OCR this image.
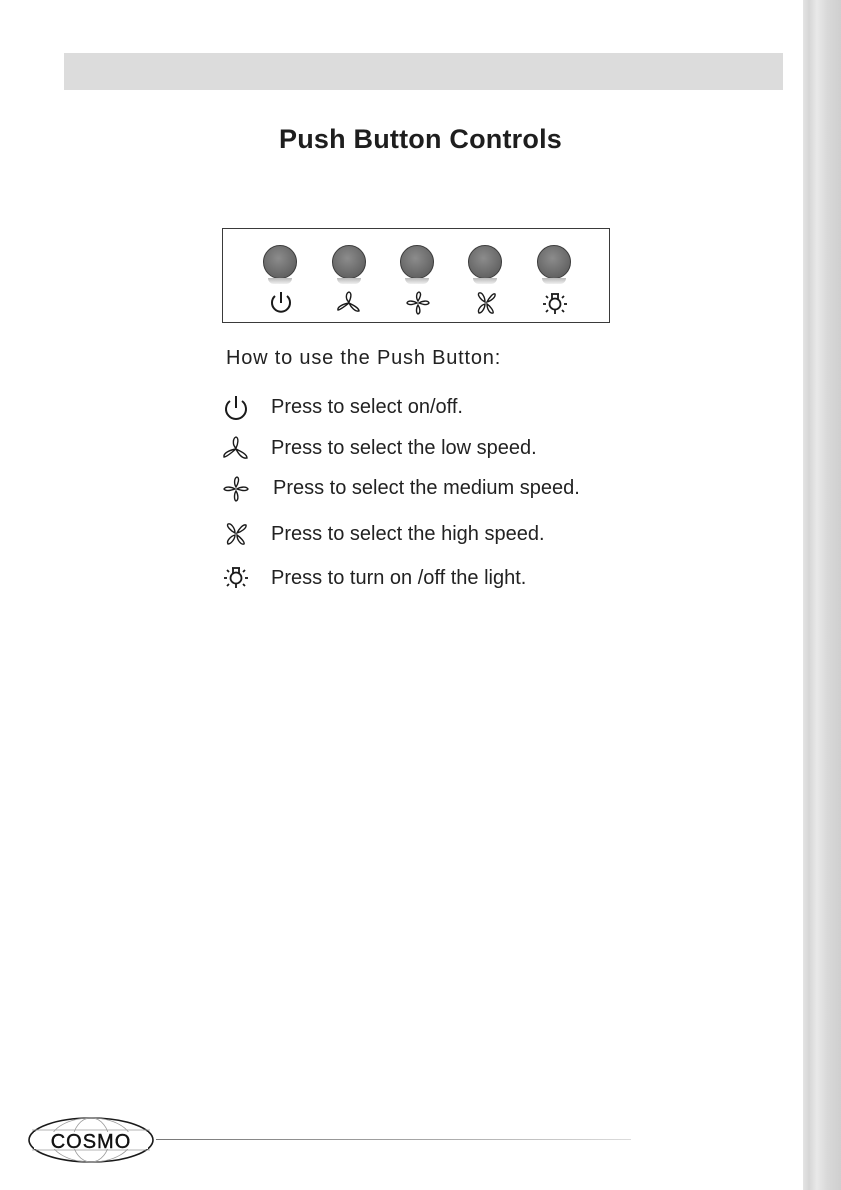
Push Button Controls
How to use the Push Button:
Press to select on/off.
Press to select the low speed.
Press to select the medium speed.
Press to select the high speed.
Press to turn on /off the light.
COSMO
